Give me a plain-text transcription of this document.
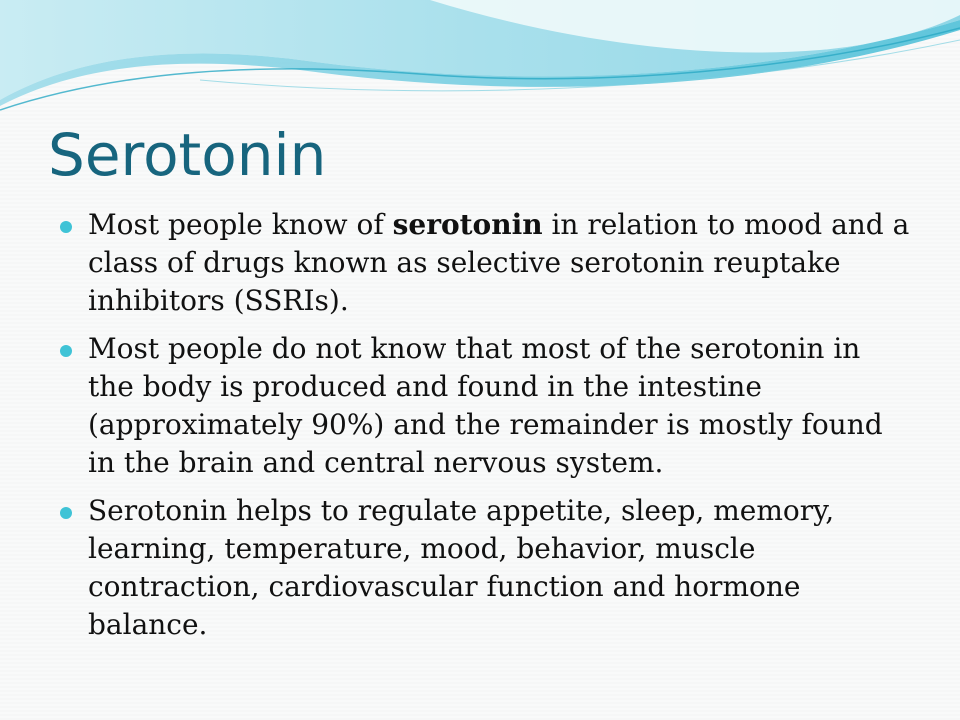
Serotonin
Most people know of serotonin in relation to mood and a class of drugs known as selective serotonin reuptake inhibitors (SSRIs).
Most people do not know that most of the serotonin in the body is produced and found in the intestine (approximately 90%) and the remainder is mostly found in the brain and central nervous system.
Serotonin helps to regulate appetite, sleep, memory, learning, temperature, mood, behavior, muscle contraction, cardiovascular function and hormone balance.
